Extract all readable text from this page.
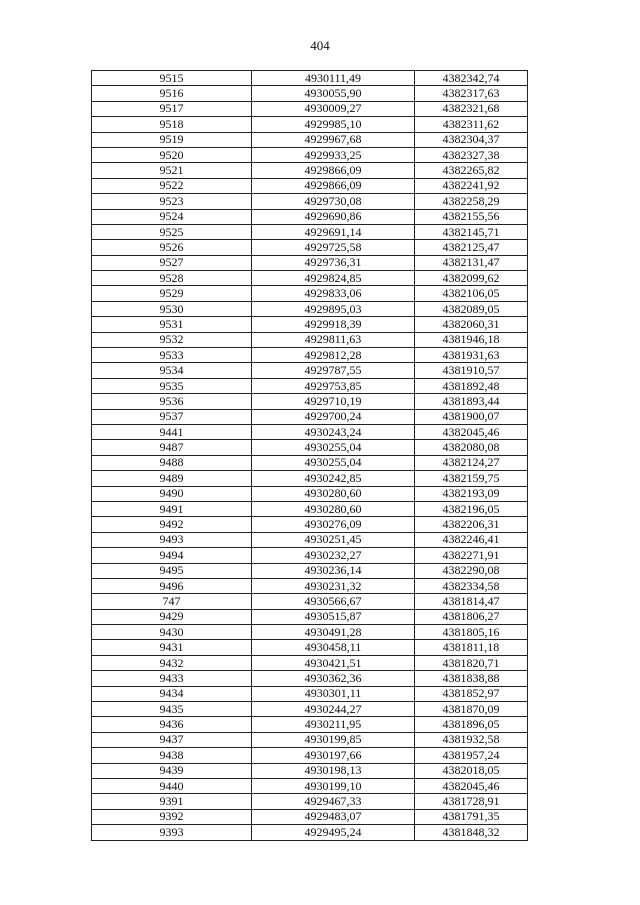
404
9515	4930111,49	4382342,74
9516	4930055,90	4382317,63
9517	4930009,27	4382321,68
9518	4929985,10	4382311,62
9519	4929967,68	4382304,37
9520	4929933,25	4382327,38
9521	4929866,09	4382265,82
9522	4929866,09	4382241,92
9523	4929730,08	4382258,29
9524	4929690,86	4382155,56
9525	4929691,14	4382145,71
9526	4929725,58	4382125,47
9527	4929736,31	4382131,47
9528	4929824,85	4382099,62
9529	4929833,06	4382106,05
9530	4929895,03	4382089,05
9531	4929918,39	4382060,31
9532	4929811,63	4381946,18
9533	4929812,28	4381931,63
9534	4929787,55	4381910,57
9535	4929753,85	4381892,48
9536	4929710,19	4381893,44
9537	4929700,24	4381900,07
9441	4930243,24	4382045,46
9487	4930255,04	4382080,08
9488	4930255,04	4382124,27
9489	4930242,85	4382159,75
9490	4930280,60	4382193,09
9491	4930280,60	4382196,05
9492	4930276,09	4382206,31
9493	4930251,45	4382246,41
9494	4930232,27	4382271,91
9495	4930236,14	4382290,08
9496	4930231,32	4382334,58
747	4930566,67	4381814,47
9429	4930515,87	4381806,27
9430	4930491,28	4381805,16
9431	4930458,11	4381811,18
9432	4930421,51	4381820,71
9433	4930362,36	4381838,88
9434	4930301,11	4381852,97
9435	4930244,27	4381870,09
9436	4930211,95	4381896,05
9437	4930199,85	4381932,58
9438	4930197,66	4381957,24
9439	4930198,13	4382018,05
9440	4930199,10	4382045,46
9391	4929467,33	4381728,91
9392	4929483,07	4381791,35
9393	4929495,24	4381848,32
